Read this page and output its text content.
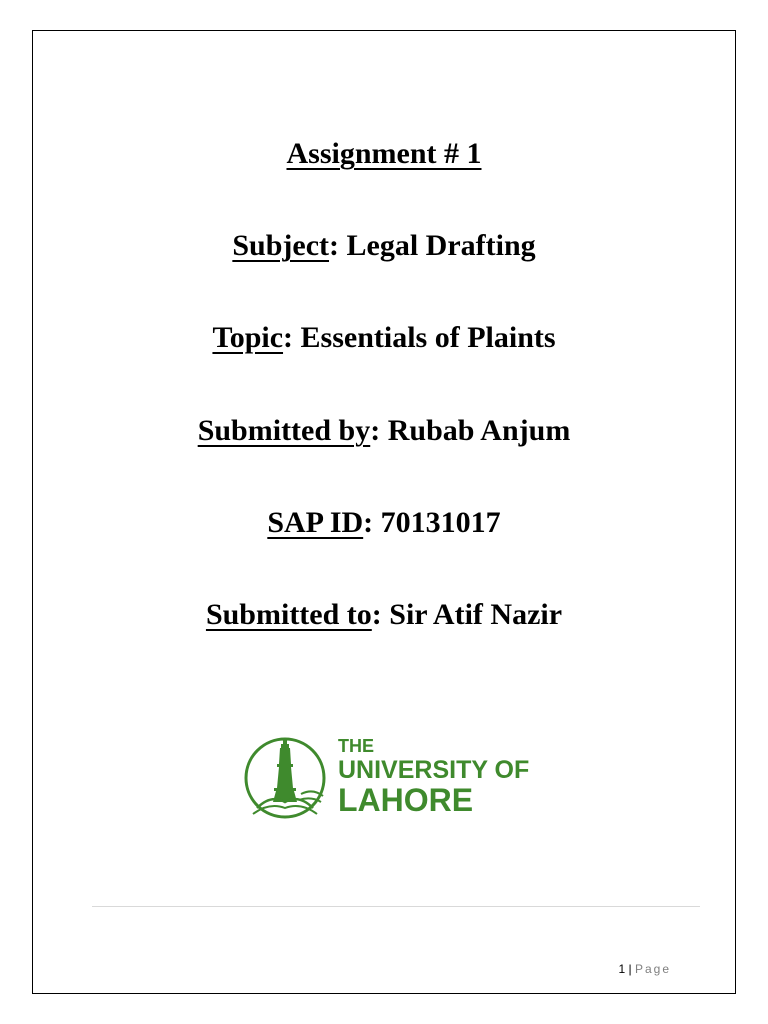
Assignment # 1
Subject: Legal Drafting
Topic: Essentials of Plaints
Submitted by: Rubab Anjum
SAP ID: 70131017
Submitted to: Sir Atif Nazir
THE
UNIVERSITY OF
LAHORE
1 | Page
